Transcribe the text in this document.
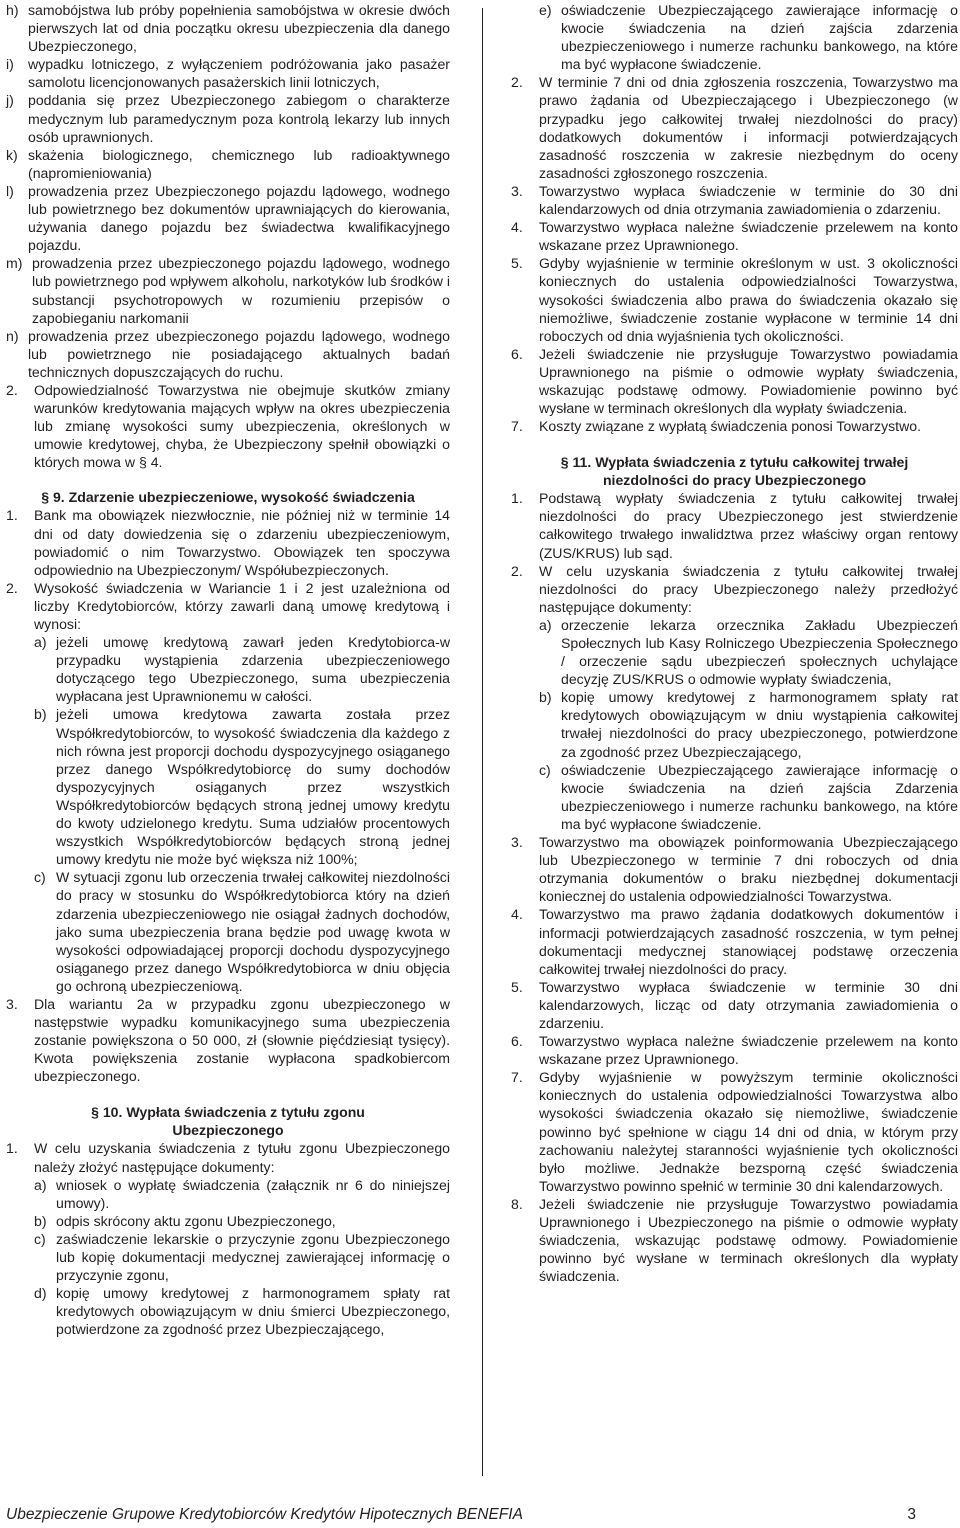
h) samobójstwa lub próby popełnienia samobójstwa w okresie dwóch pierwszych lat od dnia początku okresu ubezpieczenia dla danego Ubezpieczonego,
i)	wypadku lotniczego, z wyłączeniem podróżowania jako pasażer samolotu licencjonowanych pasażerskich linii lotniczych,
j)	poddania się przez Ubezpieczonego zabiegom o charakterze medycznym lub paramedycznym poza kontrolą lekarzy lub innych osób uprawnionych.
k) skażenia biologicznego, chemicznego lub radioaktywnego (napromieniowania)
l)	prowadzenia przez Ubezpieczonego pojazdu lądowego, wodnego lub powietrznego bez dokumentów uprawniających do kierowania, używania danego pojazdu bez świadectwa kwalifikacyjnego pojazdu.
m) prowadzenia przez ubezpieczonego pojazdu lądowego, wodnego lub powietrznego pod wpływem alkoholu, narkotyków lub środków i substancji psychotropowych w rozumieniu przepisów o zapobieganiu narkomanii
n) prowadzenia przez ubezpieczonego pojazdu lądowego, wodnego lub powietrznego nie posiadającego aktualnych badań technicznych dopuszczających do ruchu.
2.	Odpowiedzialność Towarzystwa nie obejmuje skutków zmiany warunków kredytowania mających wpływ na okres ubezpieczenia lub zmianę wysokości sumy ubezpieczenia, określonych w umowie kredytowej, chyba, że Ubezpieczony spełnił obowiązki o których mowa w § 4.
§ 9. Zdarzenie ubezpieczeniowe, wysokość świadczenia
1.	Bank ma obowiązek niezwłocznie, nie później niż w terminie 14 dni od daty dowiedzenia się o zdarzeniu ubezpieczeniowym, powiadomić o nim Towarzystwo. Obowiązek ten spoczywa odpowiednio na Ubezpieczonym/ Współubezpieczonych.
2.	Wysokość świadczenia w Wariancie 1 i 2 jest uzależniona od liczby Kredytobiorców, którzy zawarli daną umowę kredytową i wynosi:
a) jeżeli umowę kredytową zawarł jeden Kredytobiorca-w przypadku wystąpienia zdarzenia ubezpieczeniowego dotyczącego tego Ubezpieczonego, suma ubezpieczenia wypłacana jest Uprawnionemu w całości.
b) jeżeli umowa kredytowa zawarta została przez Współkredytobiorców, to wysokość świadczenia dla każdego z nich równa jest proporcji dochodu dyspozycyjnego osiąganego przez danego Współkredytobiorcę do sumy dochodów dyspozycyjnych osiąganych przez wszystkich Współkredytobiorców będących stroną jednej umowy kredytu do kwoty udzielonego kredytu. Suma udziałów procentowych wszystkich Współkredytobiorców będących stroną jednej umowy kredytu nie może być większa niż 100%;
c) W sytuacji zgonu lub orzeczenia trwałej całkowitej niezdolności do pracy w stosunku do Współkredytobiorca który na dzień zdarzenia ubezpieczeniowego nie osiągał żadnych dochodów, jako suma ubezpieczenia brana będzie pod uwagę kwota w wysokości odpowiadającej proporcji dochodu dyspozycyjnego osiąganego przez danego Współkredytobiorca w dniu objęcia go ochroną ubezpieczeniową.
3.	Dla wariantu 2a w przypadku zgonu ubezpieczonego w następstwie wypadku komunikacyjnego suma ubezpieczenia zostanie powiększona o 50 000, zł (słownie pięćdziesiąt tysięcy). Kwota powiększenia zostanie wypłacona spadkobiercom ubezpieczonego.
§ 10. Wypłata świadczenia z tytułu zgonu
Ubezpieczonego
1.	W celu uzyskania świadczenia z tytułu zgonu Ubezpieczonego należy złożyć następujące dokumenty:
a) wniosek o wypłatę świadczenia (załącznik nr 6 do niniejszej umowy).
b) odpis skrócony aktu zgonu Ubezpieczonego,
c) zaświadczenie lekarskie o przyczynie zgonu Ubezpieczonego lub kopię dokumentacji medycznej zawierającej informację o przyczynie zgonu,
d) kopię umowy kredytowej z harmonogramem spłaty rat kredytowych obowiązującym w dniu śmierci Ubezpieczonego, potwierdzone za zgodność przez Ubezpieczającego,
e) oświadczenie Ubezpieczającego zawierające informację o kwocie świadczenia na dzień zajścia zdarzenia ubezpieczeniowego i numerze rachunku bankowego, na które ma być wypłacone świadczenie.
2.	W terminie 7 dni od dnia zgłoszenia roszczenia, Towarzystwo ma prawo żądania od Ubezpieczającego i Ubezpieczonego (w przypadku jego całkowitej trwałej niezdolności do pracy) dodatkowych dokumentów i informacji potwierdzających zasadność roszczenia w zakresie niezbędnym do oceny zasadności zgłoszonego roszczenia.
3.	Towarzystwo wypłaca świadczenie w terminie do 30 dni kalendarzowych od dnia otrzymania zawiadomienia o zdarzeniu.
4.	Towarzystwo wypłaca należne świadczenie przelewem na konto wskazane przez Uprawnionego.
5.	Gdyby wyjaśnienie w terminie określonym w ust. 3 okoliczności koniecznych do ustalenia odpowiedzialności Towarzystwa, wysokości świadczenia albo prawa do świadczenia okazało się niemożliwe, świadczenie zostanie wypłacone w terminie 14 dni roboczych od dnia wyjaśnienia tych okoliczności.
6.	Jeżeli świadczenie nie przysługuje Towarzystwo powiadamia Uprawnionego na piśmie o odmowie wypłaty świadczenia, wskazując podstawę odmowy. Powiadomienie powinno być wysłane w terminach określonych dla wypłaty świadczenia.
7.	Koszty związane z wypłatą świadczenia ponosi Towarzystwo.
§ 11. Wypłata świadczenia z tytułu całkowitej trwałej
niezdolności do pracy Ubezpieczonego
1.	Podstawą wypłaty świadczenia z tytułu całkowitej trwałej niezdolności do pracy Ubezpieczonego jest stwierdzenie całkowitego trwałego inwalidztwa przez właściwy organ rentowy (ZUS/KRUS) lub sąd.
2.	W celu uzyskania świadczenia z tytułu całkowitej trwałej niezdolności do pracy Ubezpieczonego należy przedłożyć następujące dokumenty:
a) orzeczenie lekarza orzecznika Zakładu Ubezpieczeń Społecznych lub Kasy Rolniczego Ubezpieczenia Społecznego / orzeczenie sądu ubezpieczeń społecznych uchylające decyzję ZUS/KRUS o odmowie wypłaty świadczenia,
b) kopię umowy kredytowej z harmonogramem spłaty rat kredytowych obowiązującym w dniu wystąpienia całkowitej trwałej niezdolności do pracy ubezpieczonego, potwierdzone za zgodność przez Ubezpieczającego,
c) oświadczenie Ubezpieczającego zawierające informację o kwocie świadczenia na dzień zajścia Zdarzenia ubezpieczeniowego i numerze rachunku bankowego, na które ma być wypłacone świadczenie.
3.	Towarzystwo ma obowiązek poinformowania Ubezpieczającego lub Ubezpieczonego w terminie 7 dni roboczych od dnia otrzymania dokumentów o braku niezbędnej dokumentacji koniecznej do ustalenia odpowiedzialności Towarzystwa.
4.	Towarzystwo ma prawo żądania dodatkowych dokumentów i informacji potwierdzających zasadność roszczenia, w tym pełnej dokumentacji medycznej stanowiącej podstawę orzeczenia całkowitej trwałej niezdolności do pracy.
5.	Towarzystwo wypłaca świadczenie w terminie 30 dni kalendarzowych, licząc od daty otrzymania zawiadomienia o zdarzeniu.
6.	Towarzystwo wypłaca należne świadczenie przelewem na konto wskazane przez Uprawnionego.
7.	Gdyby wyjaśnienie w powyższym terminie okoliczności koniecznych do ustalenia odpowiedzialności Towarzystwa albo wysokości świadczenia okazało się niemożliwe, świadczenie powinno być spełnione w ciągu 14 dni od dnia, w którym przy zachowaniu należytej staranności wyjaśnienie tych okoliczności było możliwe. Jednakże bezsporną część świadczenia Towarzystwo powinno spełnić w terminie 30 dni kalendarzowych.
8.	Jeżeli świadczenie nie przysługuje Towarzystwo powiadamia Uprawnionego i Ubezpieczonego na piśmie o odmowie wypłaty świadczenia, wskazując podstawę odmowy. Powiadomienie powinno być wysłane w terminach określonych dla wypłaty świadczenia.
Ubezpieczenie Grupowe Kredytobiorców Kredytów Hipotecznych BENEFIA	3
